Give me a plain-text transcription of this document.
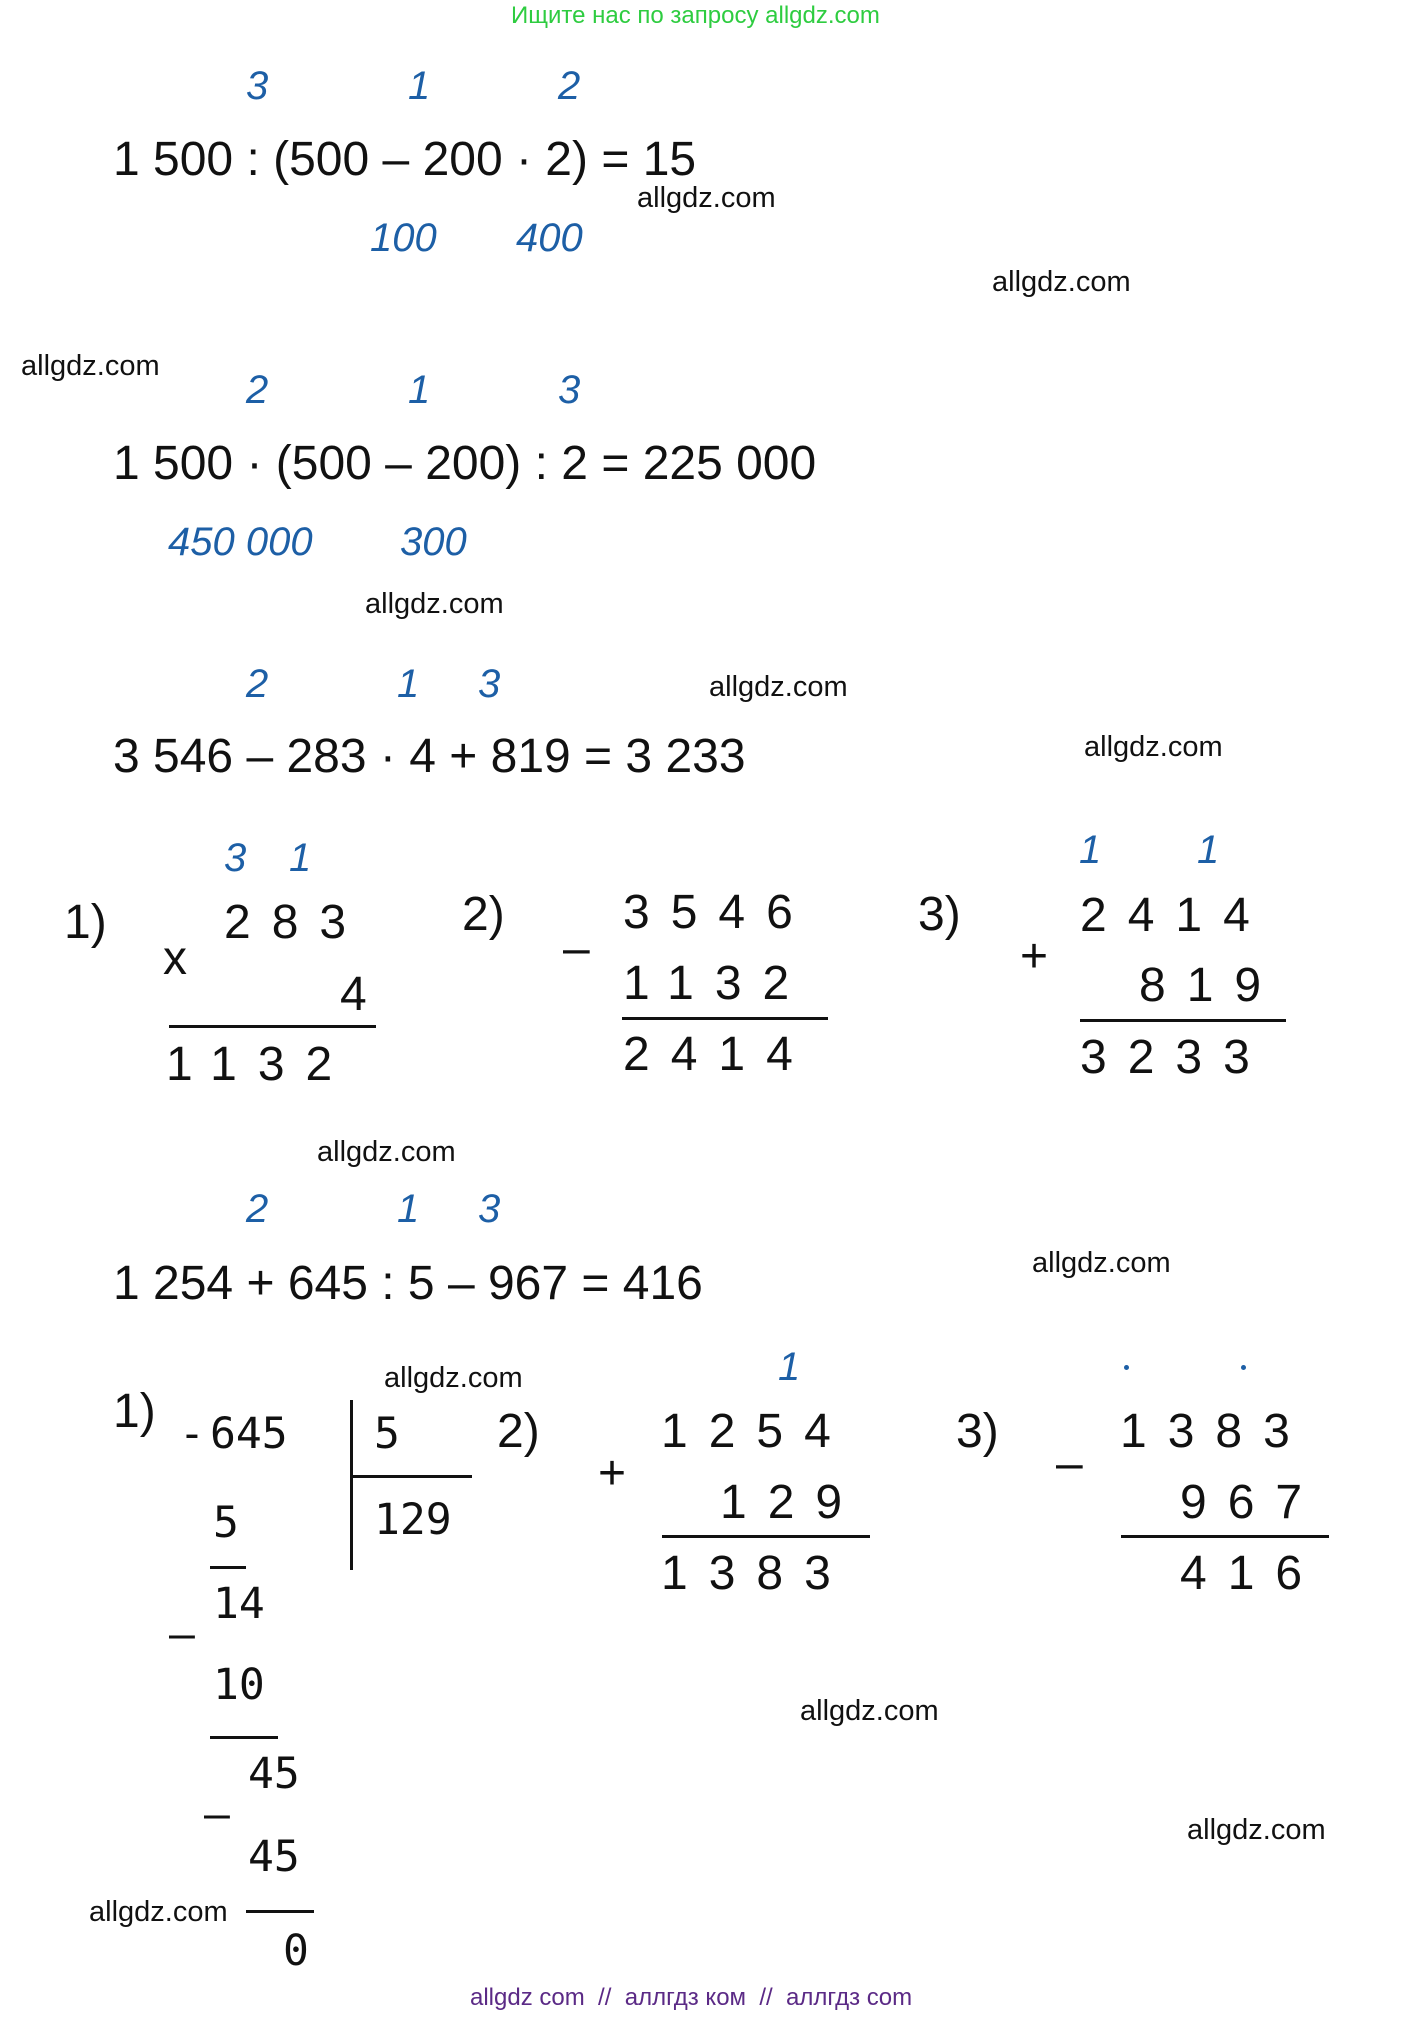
Ищите нас по запросу allgdz.com
3	1	2
1 500 : (500 – 200 · 2) = 15
100 400
2	1	3
1 500 · (500 – 200) : 2 = 225 000
450 000 300
2	1 3
3 546 – 283 · 4 + 819 = 3 233
1)
3 1
x
283
4
1132
2)
–
3546
1132
2414
3)
1 1
+
2414
819
3233
2	1 3
1 254 + 645 : 5 – 967 = 416
1) - 645 5
129
5
–
14
10
–
45
45
0
2)
1
+
1254
129
1383
3)
–
1383
967
416
allgdz.com
allgdz.com
allgdz.com
allgdz.com
allgdz.com
allgdz.com
allgdz.com
allgdz.com
allgdz.com
allgdz.com
allgdz.com
allgdz.com
allgdz com  //  аллгдз ком  //  аллгдз com
